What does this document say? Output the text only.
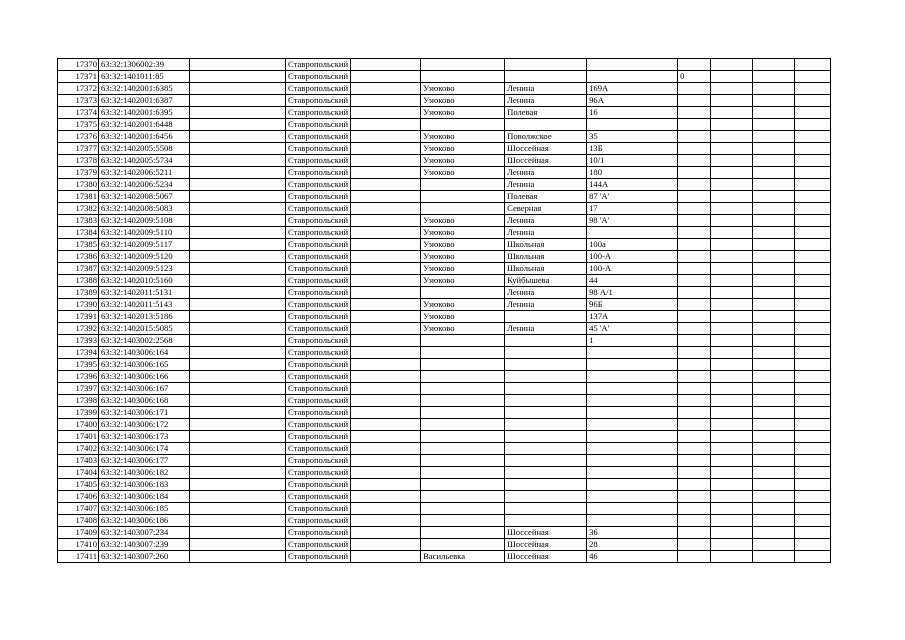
17370	63:32:1306002:39		Ставропольский								
17371	63:32:1401011:85		Ставропольский					0			
17372	63:32:1402001:6385		Ставропольский		Узюково	Ленина	169А				
17373	63:32:1402001:6387		Ставропольский		Узюково	Ленина	96А				
17374	63:32:1402001:6395		Ставропольский		Узюково	Полевая	16				
17375	63:32:1402001:6448		Ставропольский								
17376	63:32:1402001:6456		Ставропольский		Узюково	Поволжское	35				
17377	63:32:1402005:5508		Ставропольский		Узюково	Шоссейная	13Б				
17378	63:32:1402005:5734		Ставропольский		Узюково	Шоссейная	10/1				
17379	63:32:1402006:5211		Ставропольский		Узюково	Ленина	180				
17380	63:32:1402006:5234		Ставропольский			Ленина	144А				
17381	63:32:1402008:5067		Ставропольский			Полевая	87 'А'				
17382	63:32:1402008:5083		Ставропольский			Северная	17				
17383	63:32:1402009:5108		Ставропольский		Узюково	Ленина	98 'А'				
17384	63:32:1402009:5110		Ставропольский		Узюково	Ленина					
17385	63:32:1402009:5117		Ставропольский		Узюково	Школьная	100а				
17386	63:32:1402009:5120		Ставропольский		Узюково	Школьная	100-А				
17387	63:32:1402009:5123		Ставропольский		Узюково	Школьная	100-А				
17388	63:32:1402010:5160		Ставропольский		Узюково	Куйбышева	44				
17389	63:32:1402011:5131		Ставропольский			Ленина	98 А/1				
17390	63:32:1402011:5143		Ставропольский		Узюково	Ленина	96Б				
17391	63:32:1402013:5186		Ставропольский		Узюково		137А				
17392	63:32:1402015:5085		Ставропольский		Узюково	Ленина	45 'А'				
17393	63:32:1403002:2568		Ставропольский				1				
17394	63:32:1403006:164		Ставропольский								
17395	63:32:1403006:165		Ставропольский								
17396	63:32:1403006:166		Ставропольский								
17397	63:32:1403006:167		Ставропольский								
17398	63:32:1403006:168		Ставропольский								
17399	63:32:1403006:171		Ставропольский								
17400	63:32:1403006:172		Ставропольский								
17401	63:32:1403006:173		Ставропольский								
17402	63:32:1403006:174		Ставропольский								
17403	63:32:1403006:177		Ставропольский								
17404	63:32:1403006:182		Ставропольский								
17405	63:32:1403006:183		Ставропольский								
17406	63:32:1403006:184		Ставропольский								
17407	63:32:1403006:185		Ставропольский								
17408	63:32:1403006:186		Ставропольский								
17409	63:32:1403007:234		Ставропольский			Шоссейная	36				
17410	63:32:1403007:239		Ставропольский			Шоссейная	28				
17411	63:32:1403007:260		Ставропольский		Васильевка	Шоссейная	46				
